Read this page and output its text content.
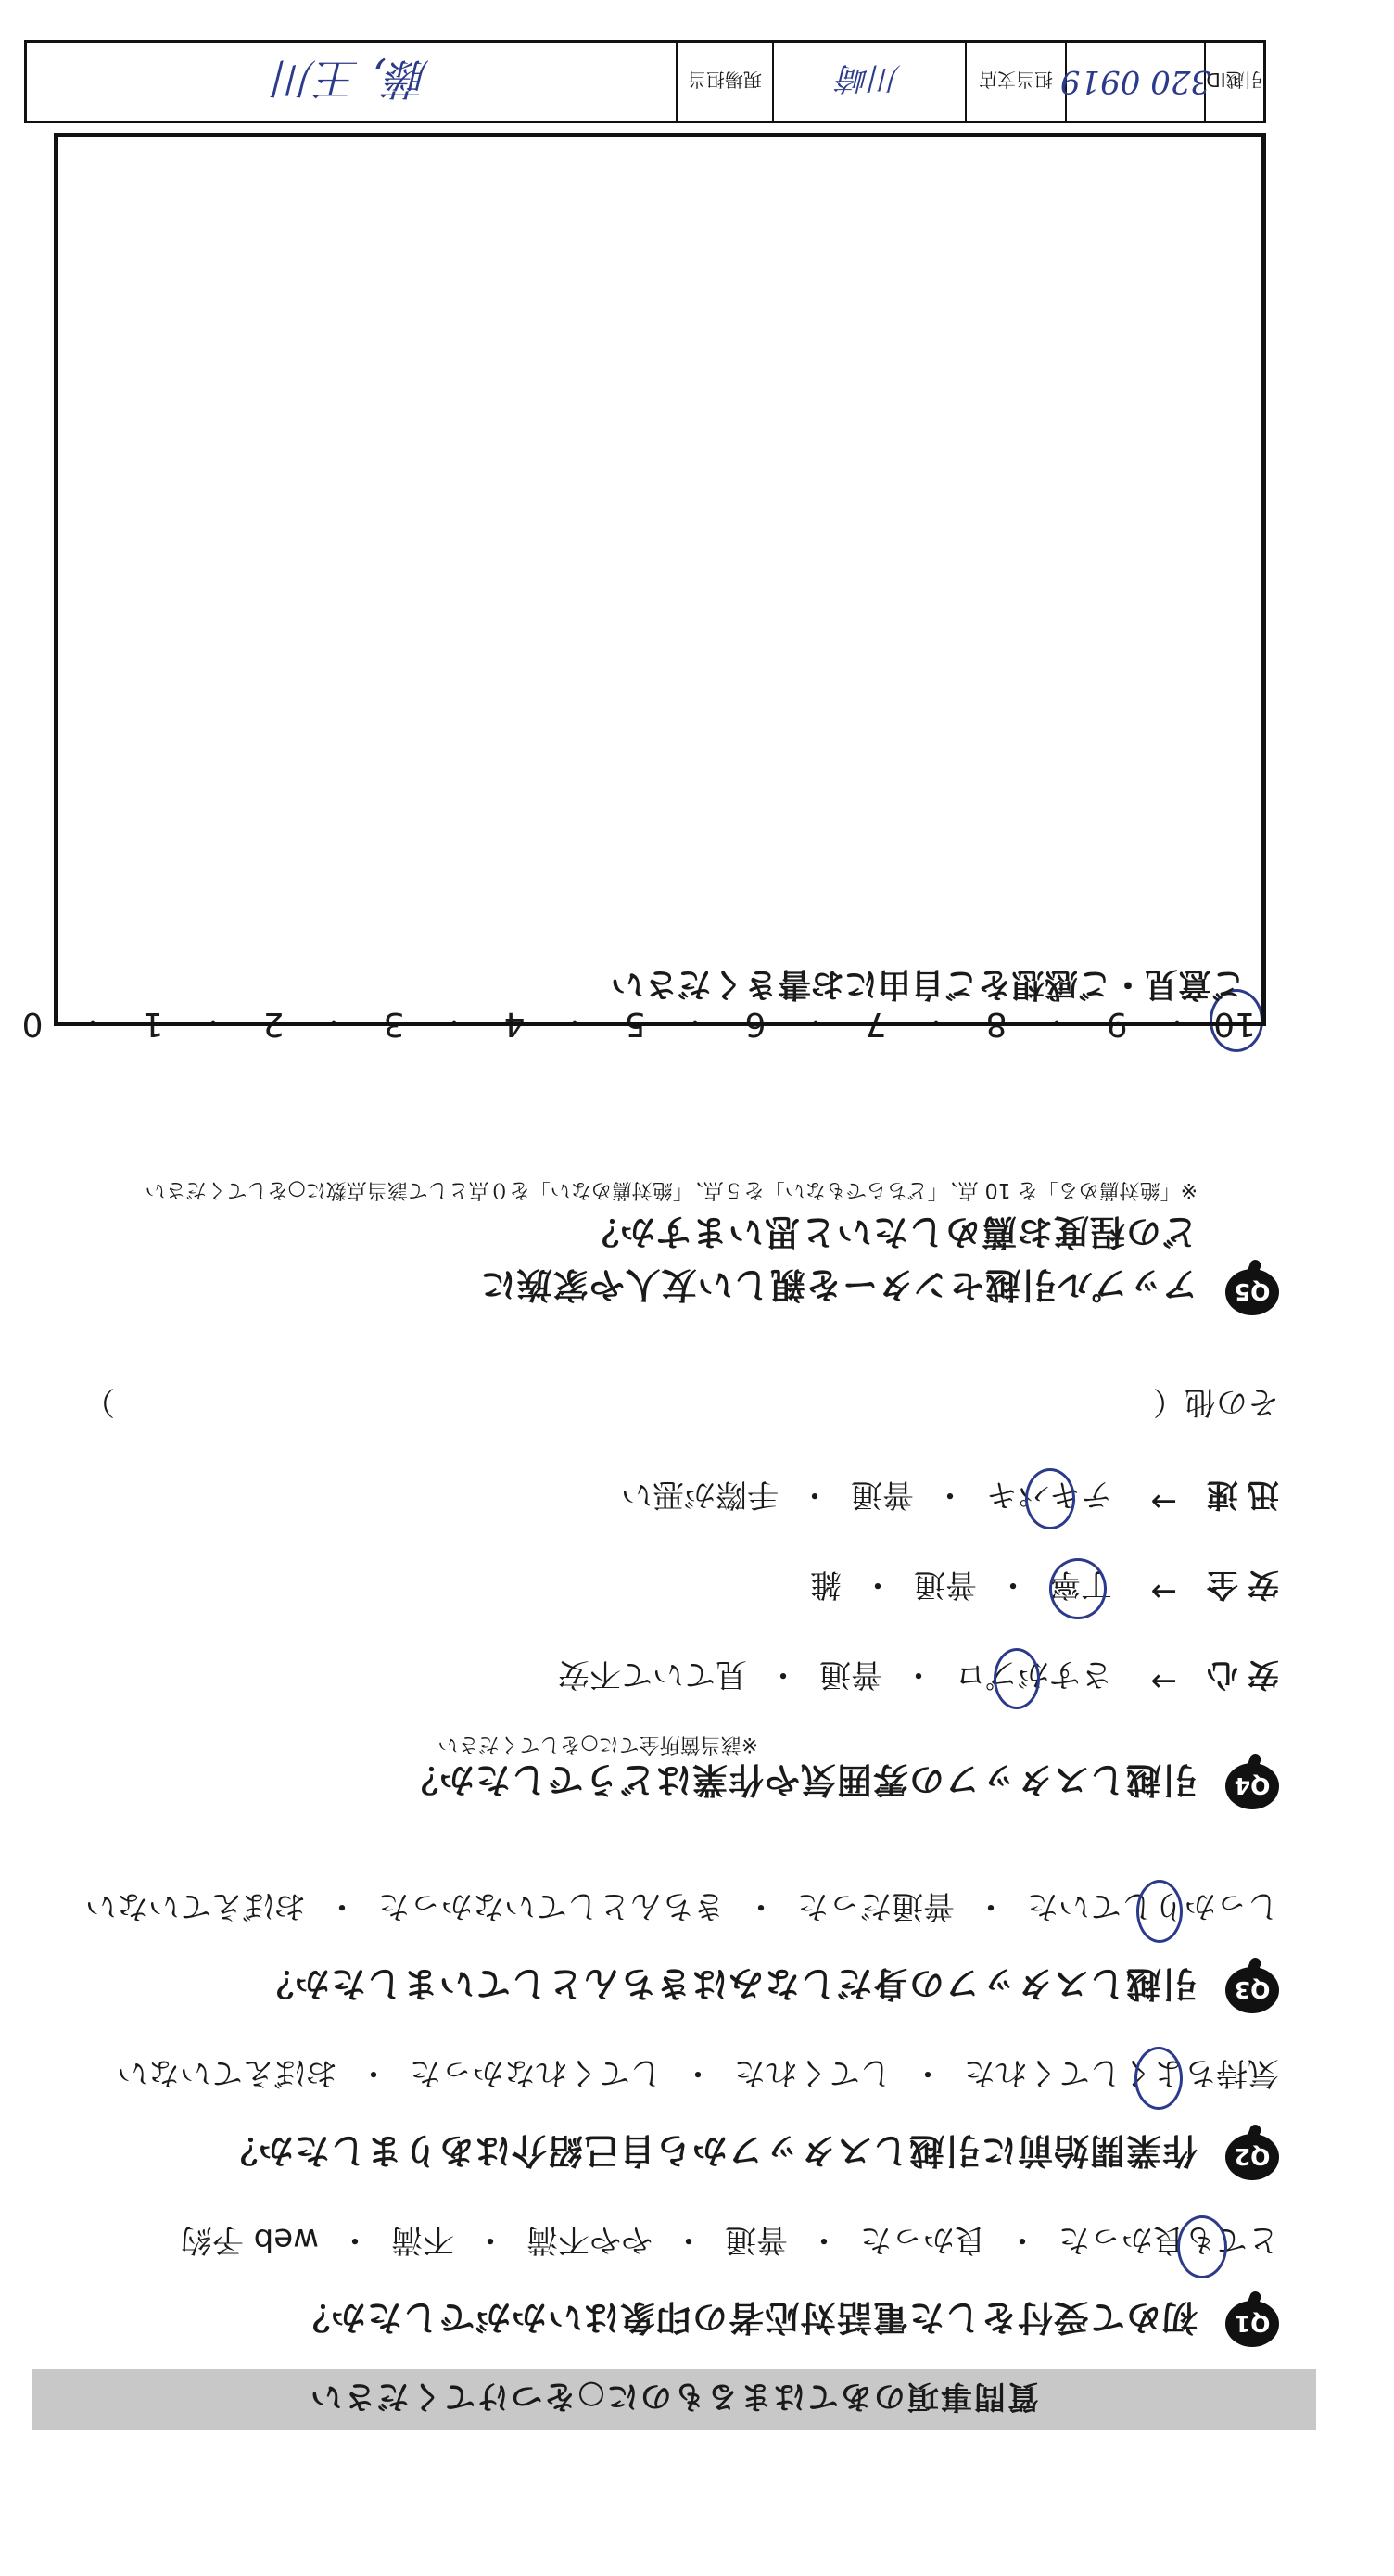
質問事項のあてはまるものに○をつけてください
Q1
初めて受付をした電話対応者の印象はいかがでしたか？
とても良かった
・
良かった
・
普通
・
やや不満
・
不満
・
web 予約
Q2
作業開始前に引越しスタッフから自己紹介はありましたか？
気持ちよくしてくれた
・
してくれた
・
してくれなかった
・
おぼえていない
Q3
引越しスタッフの身だしなみはきちんとしていましたか？
しっかりしていた
・
普通だった
・
きちんとしていなかった
・
おぼえていない
Q4
引越しスタッフの雰囲気や作業はどうでしたか？
※該当箇所全てに○をしてください
安心
→
さすがプロ
・
普通
・
見ていて不安
安全
→
丁寧
・
普通
・
雑
迅速
→
テキパキ
・
普通
・
手際が悪い
その他（
）
Q5
アップル引越センターを親しい友人や家族に
どの程度お薦めしたいと思いますか？
※「絶対薦める」を 10 点、「どちらでもない」を５点、「絶対薦めない」を０点として該当点数に○をしてください
10
・
9
・
8
・
7
・
6
・
5
・
4
・
3
・
2
・
1
・
0
ご意見・ご感想をご自由にお書きください
引越ID
320 0919
担当支店
川崎
現場担当
藤, 王川
